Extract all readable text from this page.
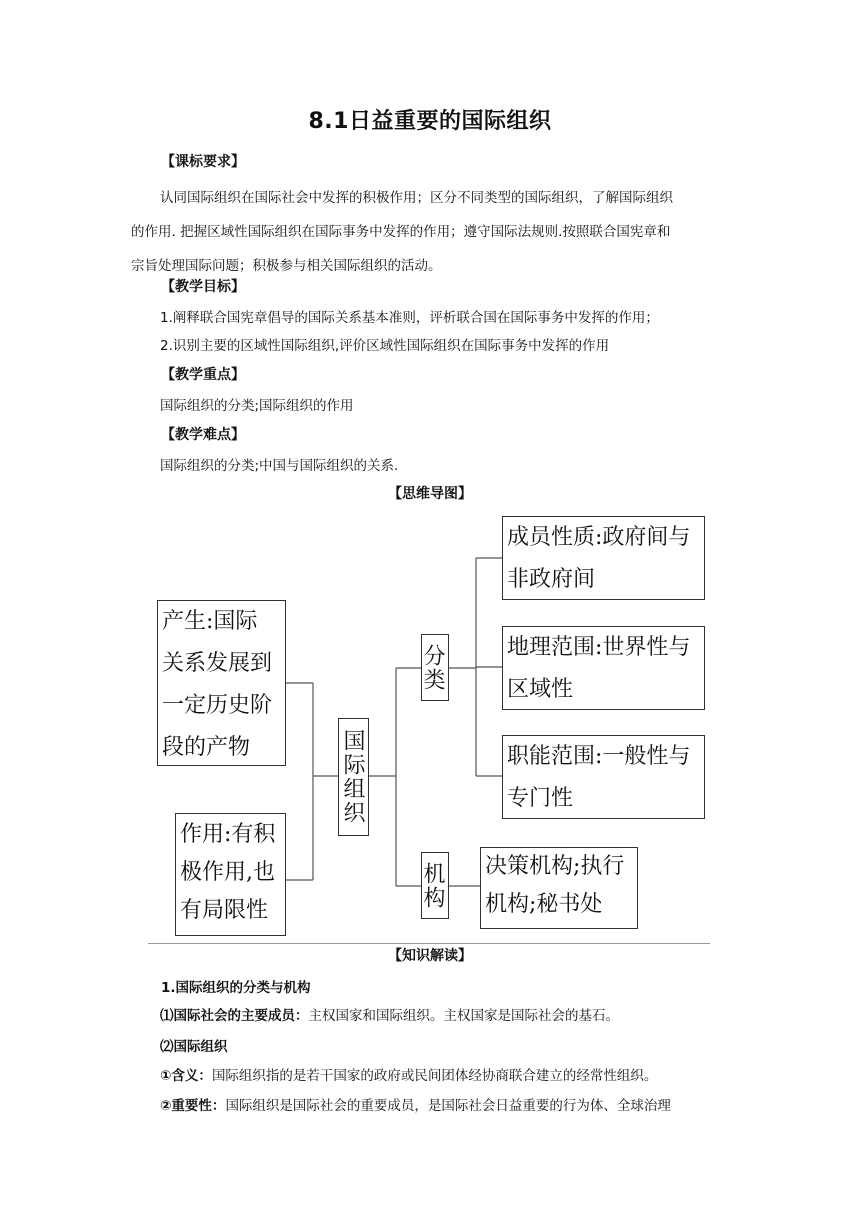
8.1日益重要的国际组织
【课标要求】
认同国际组织在国际社会中发挥的积极作用；区分不同类型的国际组织，了解国际组织
的作用. 把握区域性国际组织在国际事务中发挥的作用；遵守国际法规则.按照联合国宪章和
宗旨处理国际问题；积极参与相关国际组织的活动。
【教学目标】
1.阐释联合国宪章倡导的国际关系基本准则，评析联合国在国际事务中发挥的作用；
2.识别主要的区域性国际组织,评价区域性国际组织在国际事务中发挥的作用
【教学重点】
国际组织的分类;国际组织的作用
【教学难点】
国际组织的分类;中国与国际组织的关系.
【思维导图】
产生:国际
关系发展到
一定历史阶
段的产物
作用:有积
极作用,也
有局限性
国际组织
分类
机构
成员性质:政府间与
非政府间
地理范围:世界性与
区域性
职能范围:一般性与
专门性
决策机构;执行
机构;秘书处
【知识解读】
1.国际组织的分类与机构
⑴国际社会的主要成员：主权国家和国际组织。主权国家是国际社会的基石。
⑵国际组织
①含义：国际组织指的是若干国家的政府或民间团体经协商联合建立的经常性组织。
②重要性：国际组织是国际社会的重要成员，是国际社会日益重要的行为体、全球治理
